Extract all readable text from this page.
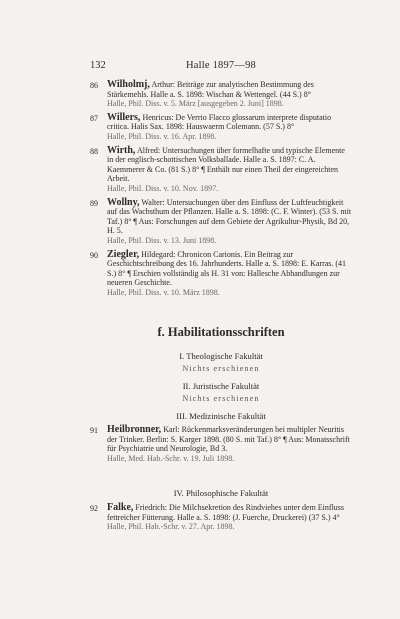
132	Halle 1897—98
86 Wilholmj, Arthur: Beiträge zur analytischen Bestimmung des Stärkemehls. Halle a. S. 1898: Wischan & Wettengel. (44 S.) 8°
Halle, Phil. Diss. v. 5. März [ausgegeben 2. Juni] 1898.
87 Willers, Henricus: De Verrio Flacco glossarum interprete disputatio critica. Halis Sax. 1898: Hauswaerm Colemann. (57 S.) 8°
Halle, Phil. Diss. v. 16. Apr. 1898.
88 Wirth, Alfred: Untersuchungen über formelhafte und typische Elemente in der englisch-schottischen Volksballade. Halle a. S. 1897: C. A. Kaemmerer & Co. (81 S.) 8° ¶ Enthält nur einen Theil der eingereichten Arbeit.
Halle, Phil. Diss. v. 10. Nov. 1897.
89 Wollny, Walter: Untersuchungen über den Einfluss der Luftfeuchtigkeit auf das Wachsthum der Pflanzen. Halle a. S. 1898: (C. F. Winter). (53 S. mit Taf.) 8° ¶ Aus: Forschungen auf dem Gebiete der Agrikultur-Physik, Bd 20, H. 5.
Halle, Phil. Diss. v. 13. Juni 1898.
90 Ziegler, Hildegard: Chronicon Carionis. Ein Beitrag zur Geschichtschreibung des 16. Jahrhunderts. Halle a. S. 1898: E. Karras. (41 S.) 8° ¶ Erschien vollständig als H. 31 von: Hallesche Abhandlungen zur neueren Geschichte.
Halle, Phil. Diss. v. 10. März 1898.
f. Habilitationsschriften
I. Theologische Fakultät
Nichts erschienen
II. Juristische Fakultät
Nichts erschienen
III. Medizinische Fakultät
91 Heilbronner, Karl: Rückenmarksveränderungen bei multipler Neuritis der Trinker. Berlin: S. Karger 1898. (80 S. mit Taf.) 8° ¶ Aus: Monatsschrift für Psychiatrie und Neurologie, Bd 3.
Halle, Med. Hab.-Schr. v. 19. Juli 1898.
IV. Philosophische Fakultät
92 Falke, Friedrich: Die Milchsekretion des Rindviehes unter dem Einfluss fettreicher Fütterung. Halle a. S. 1898: (J. Fuerche, Druckerei) (37 S.) 4°
Halle, Phil. Hab.-Schr. v. 27. Apr. 1898.
